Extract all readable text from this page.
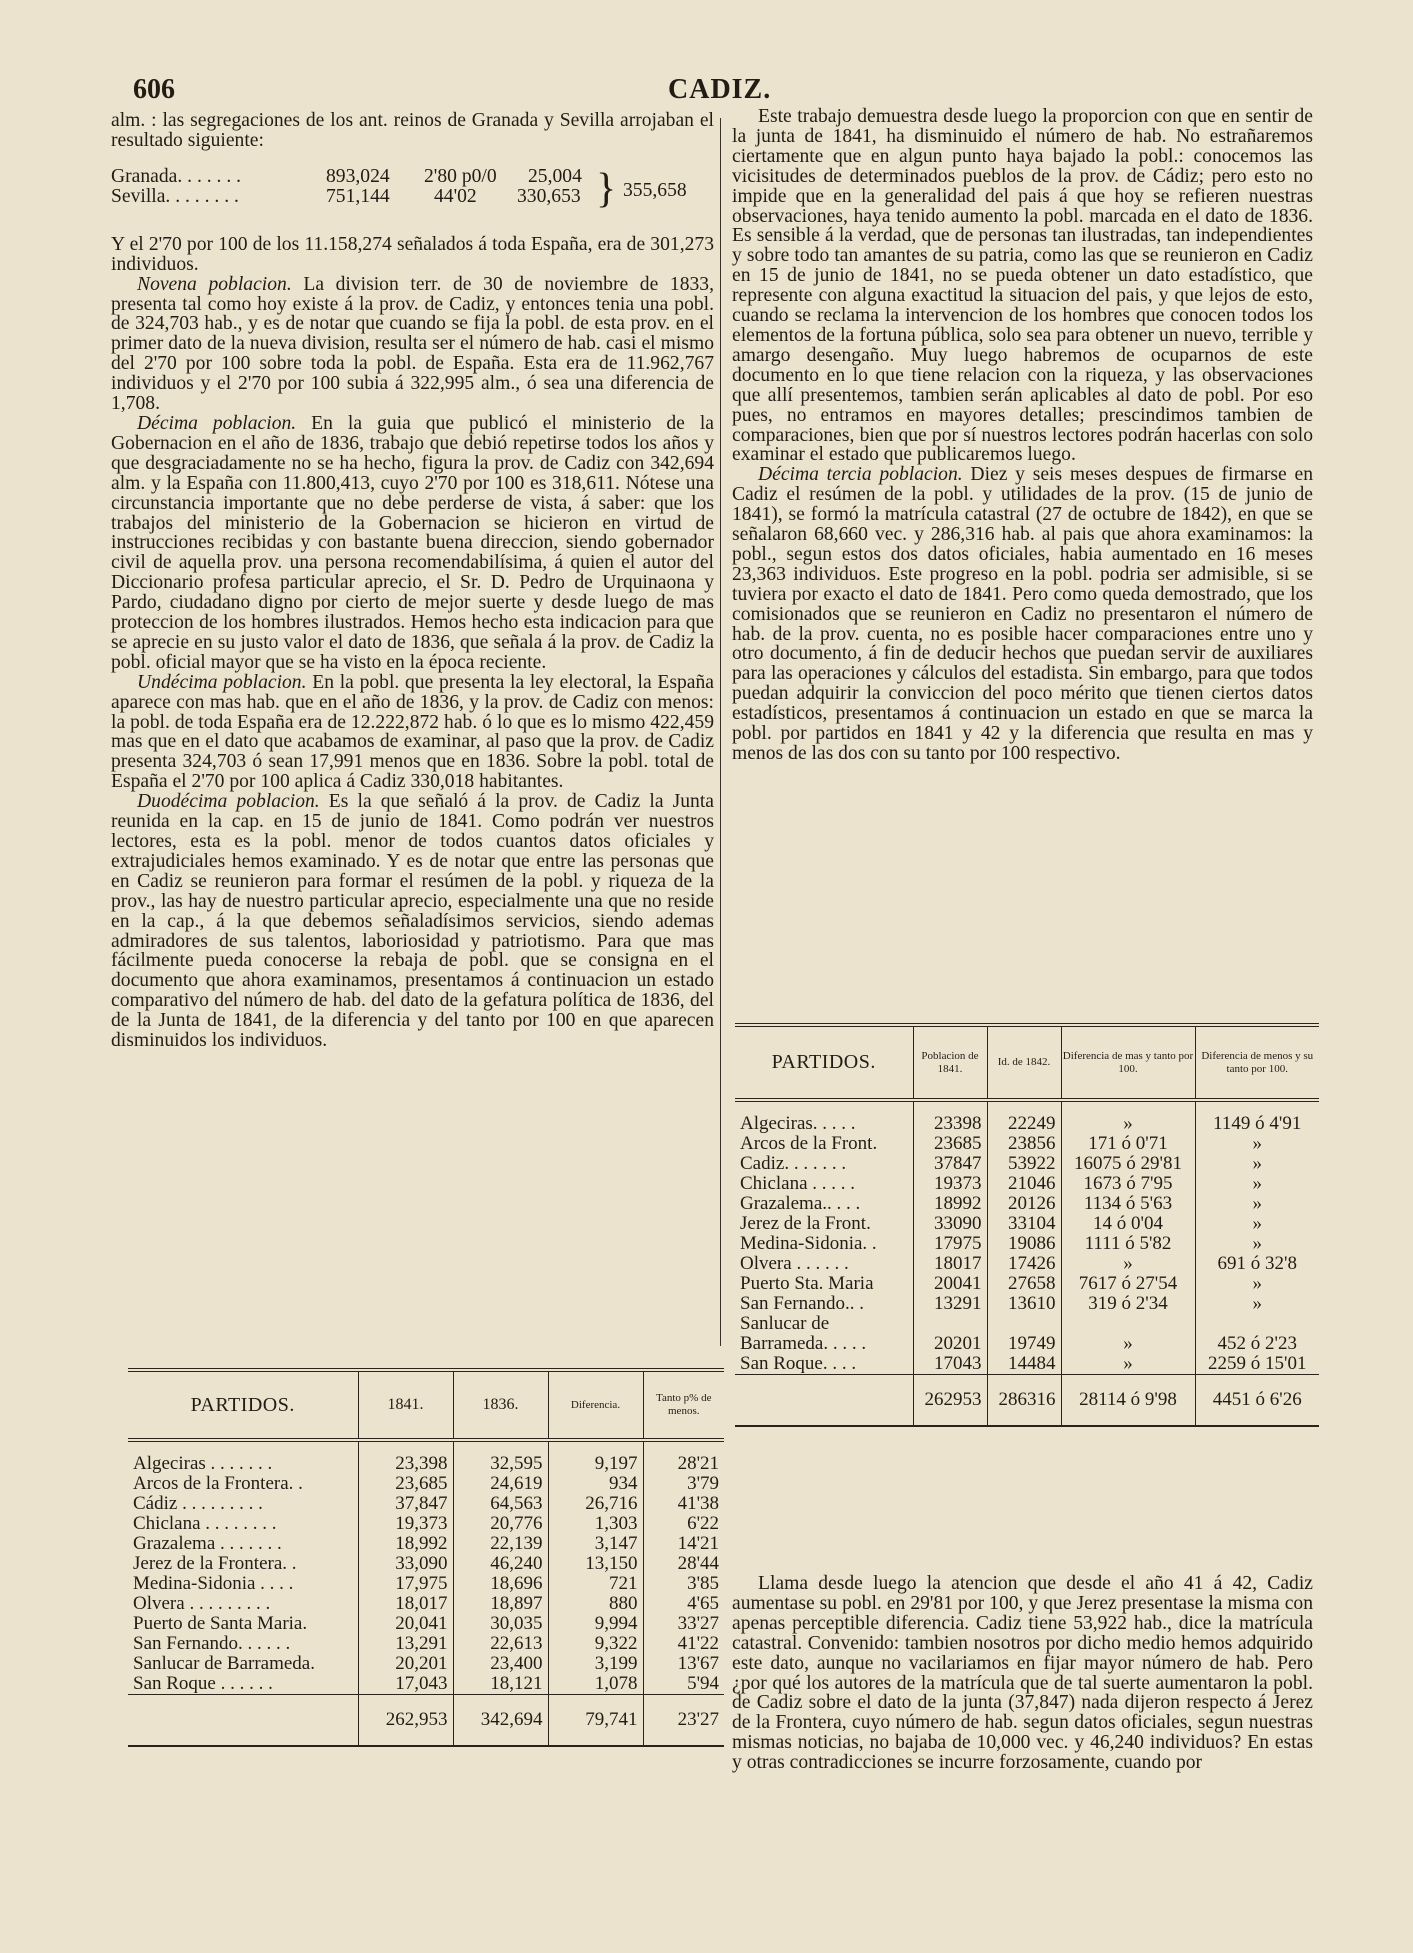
606	CADIZ.

alm. : las segregaciones de los ant. reinos de Granada y Sevilla arrojaban el resultado siguiente:

Granada. . . . . . .	893,024 2'80 p0/0 25,004
Sevilla. . . . . . . .	751,144 44'02 330,653 } 355,658

Y el 2'70 por 100 de los 11.158,274 señalados á toda España, era de 301,273 individuos.

Novena poblacion. La division terr. de 30 de noviembre de 1833, presenta tal como hoy existe á la prov. de Cadiz, y entonces tenia una pobl. de 324,703 hab., y es de notar que cuando se fija la pobl. de esta prov. en el primer dato de la nueva division, resulta ser el número de hab. casi el mismo del 2'70 por 100 sobre toda la pobl. de España. Esta era de 11.962,767 individuos y el 2'70 por 100 subia á 322,995 alm., ó sea una diferencia de 1,708.

Décima poblacion. En la guia que publicó el ministerio de la Gobernacion en el año de 1836, trabajo que debió repetirse todos los años y que desgraciadamente no se ha hecho, figura la prov. de Cadiz con 342,694 alm. y la España con 11.800,413, cuyo 2'70 por 100 es 318,611. Nótese una circunstancia importante que no debe perderse de vista, á saber: que los trabajos del ministerio de la Gobernacion se hicieron en virtud de instrucciones recibidas y con bastante buena direccion, siendo gobernador civil de aquella prov. una persona recomendabilísima, á quien el autor del Diccionario profesa particular aprecio, el Sr. D. Pedro de Urquinaona y Pardo, ciudadano digno por cierto de mejor suerte y desde luego de mas proteccion de los hombres ilustrados. Hemos hecho esta indicacion para que se aprecie en su justo valor el dato de 1836, que señala á la prov. de Cadiz la pobl. oficial mayor que se ha visto en la época reciente.

Undécima poblacion. En la pobl. que presenta la ley electoral, la España aparece con mas hab. que en el año de 1836, y la prov. de Cadiz con menos: la pobl. de toda España era de 12.222,872 hab. ó lo que es lo mismo 422,459 mas que en el dato que acabamos de examinar, al paso que la prov. de Cadiz presenta 324,703 ó sean 17,991 menos que en 1836. Sobre la pobl. total de España el 2'70 por 100 aplica á Cadiz 330,018 habitantes.

Duodécima poblacion. Es la que señaló á la prov. de Cadiz la Junta reunida en la cap. en 15 de junio de 1841. Como podrán ver nuestros lectores, esta es la pobl. menor de todos cuantos datos oficiales y extrajudiciales hemos examinado. Y es de notar que entre las personas que en Cadiz se reunieron para formar el resúmen de la pobl. y riqueza de la prov., las hay de nuestro particular aprecio, especialmente una que no reside en la cap., á la que debemos señaladísimos servicios, siendo ademas admiradores de sus talentos, laboriosidad y patriotismo. Para que mas fácilmente pueda conocerse la rebaja de pobl. que se consigna en el documento que ahora examinamos, presentamos á continuacion un estado comparativo del número de hab. del dato de la gefatura política de 1836, del de la Junta de 1841, de la diferencia y del tanto por 100 en que aparecen disminuidos los individuos.

PARTIDOS.	1841.	1836.	Diferencia.	Tanto p% de menos.

Algeciras . . . . . . .	23,398	32,595	9,197	28'21
Arcos de la Frontera. .	23,685	24,619	934	3'79
Cádiz . . . . . . . . .	37,847	64,563	26,716	41'38
Chiclana . . . . . . . .	19,373	20,776	1,303	6'22
Grazalema . . . . . . .	18,992	22,139	3,147	14'21
Jerez de la Frontera. .	33,090	46,240	13,150	28'44
Medina-Sidonia . . . .	17,975	18,696	721	3'85
Olvera . . . . . . . . .	18,017	18,897	880	4'65
Puerto de Santa Maria.	20,041	30,035	9,994	33'27
San Fernando. . . . . .	13,291	22,613	9,322	41'22
Sanlucar de Barrameda.	20,201	23,400	3,199	13'67
San Roque . . . . . .	17,043	18,121	1,078	5'94
	262,953	342,694	79,741	23'27

Este trabajo demuestra desde luego la proporcion con que en sentir de la junta de 1841, ha disminuido el número de hab. No estrañaremos ciertamente que en algun punto haya bajado la pobl.: conocemos las vicisitudes de determinados pueblos de la prov. de Cádiz; pero esto no impide que en la generalidad del pais á que hoy se refieren nuestras observaciones, haya tenido aumento la pobl. marcada en el dato de 1836. Es sensible á la verdad, que de personas tan ilustradas, tan independientes y sobre todo tan amantes de su patria, como las que se reunieron en Cadiz en 15 de junio de 1841, no se pueda obtener un dato estadístico, que represente con alguna exactitud la situacion del pais, y que lejos de esto, cuando se reclama la intervencion de los hombres que conocen todos los elementos de la fortuna pública, solo sea para obtener un nuevo, terrible y amargo desengaño. Muy luego habremos de ocuparnos de este documento en lo que tiene relacion con la riqueza, y las observaciones que allí presentemos, tambien serán aplicables al dato de pobl. Por eso pues, no entramos en mayores detalles; prescindimos tambien de comparaciones, bien que por sí nuestros lectores podrán hacerlas con solo examinar el estado que publicaremos luego.

Décima tercia poblacion. Diez y seis meses despues de firmarse en Cadiz el resúmen de la pobl. y utilidades de la prov. (15 de junio de 1841), se formó la matrícula catastral (27 de octubre de 1842), en que se señalaron 68,660 vec. y 286,316 hab. al pais que ahora examinamos: la pobl., segun estos dos datos oficiales, habia aumentado en 16 meses 23,363 individuos. Este progreso en la pobl. podria ser admisible, si se tuviera por exacto el dato de 1841. Pero como queda demostrado, que los comisionados que se reunieron en Cadiz no presentaron el número de hab. de la prov. cuenta, no es posible hacer comparaciones entre uno y otro documento, á fin de deducir hechos que puedan servir de auxiliares para las operaciones y cálculos del estadista. Sin embargo, para que todos puedan adquirir la conviccion del poco mérito que tienen ciertos datos estadísticos, presentamos á continuacion un estado en que se marca la pobl. por partidos en 1841 y 42 y la diferencia que resulta en mas y menos de las dos con su tanto por 100 respectivo.

PARTIDOS.	Poblacion de 1841.	Id. de 1842.	Diferencia de mas y tanto por 100.	Diferencia de menos y su tanto por 100.

Algeciras. . . . .	23398	22249	»	1149 ó 4'91
Arcos de la Front.	23685	23856	171 ó 0'71	»
Cadiz. . . . . . .	37847	53922	16075 ó 29'81	»
Chiclana . . . . .	19373	21046	1673 ó 7'95	»
Grazalema.. . . .	18992	20126	1134 ó 5'63	»
Jerez de la Front.	33090	33104	14 ó 0'04	»
Medina-Sidonia. .	17975	19086	1111 ó 5'82	»
Olvera . . . . . .	18017	17426	»	691 ó 32'8
Puerto Sta. Maria	20041	27658	7617 ó 27'54	»
San Fernando.. .	13291	13610	319 ó 2'34	»
Sanlucar de Barrameda. . . . .	20201	19749	»	452 ó 2'23
San Roque. . . .	17043	14484	»	2259 ó 15'01
	262953	286316	28114 ó 9'98	4451 ó 6'26

Llama desde luego la atencion que desde el año 41 á 42, Cadiz aumentase su pobl. en 29'81 por 100, y que Jerez presentase la misma con apenas perceptible diferencia. Cadiz tiene 53,922 hab., dice la matrícula catastral. Convenido: tambien nosotros por dicho medio hemos adquirido este dato, aunque no vacilariamos en fijar mayor número de hab. Pero ¿por qué los autores de la matrícula que de tal suerte aumentaron la pobl. de Cadiz sobre el dato de la junta (37,847) nada dijeron respecto á Jerez de la Frontera, cuyo número de hab. segun datos oficiales, segun nuestras mismas noticias, no bajaba de 10,000 vec. y 46,240 individuos? En estas y otras contradicciones se incurre forzosamente, cuando por
